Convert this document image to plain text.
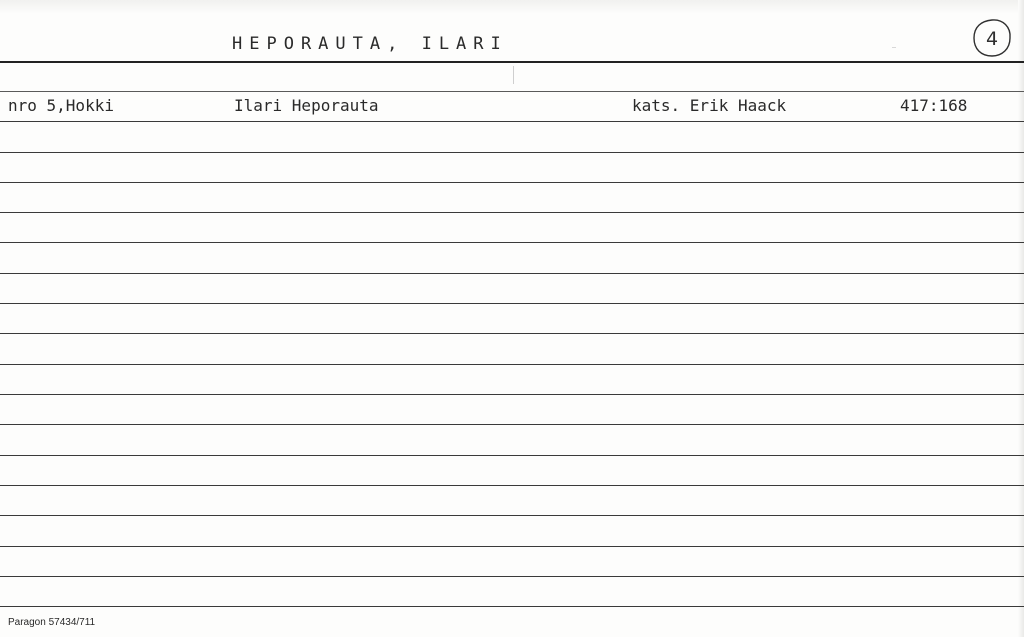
HEPORAUTA, ILARI	4
nro 5,Hokki	Ilari Heporauta	kats. Erik Haack	417:168
Paragon 57434/711
